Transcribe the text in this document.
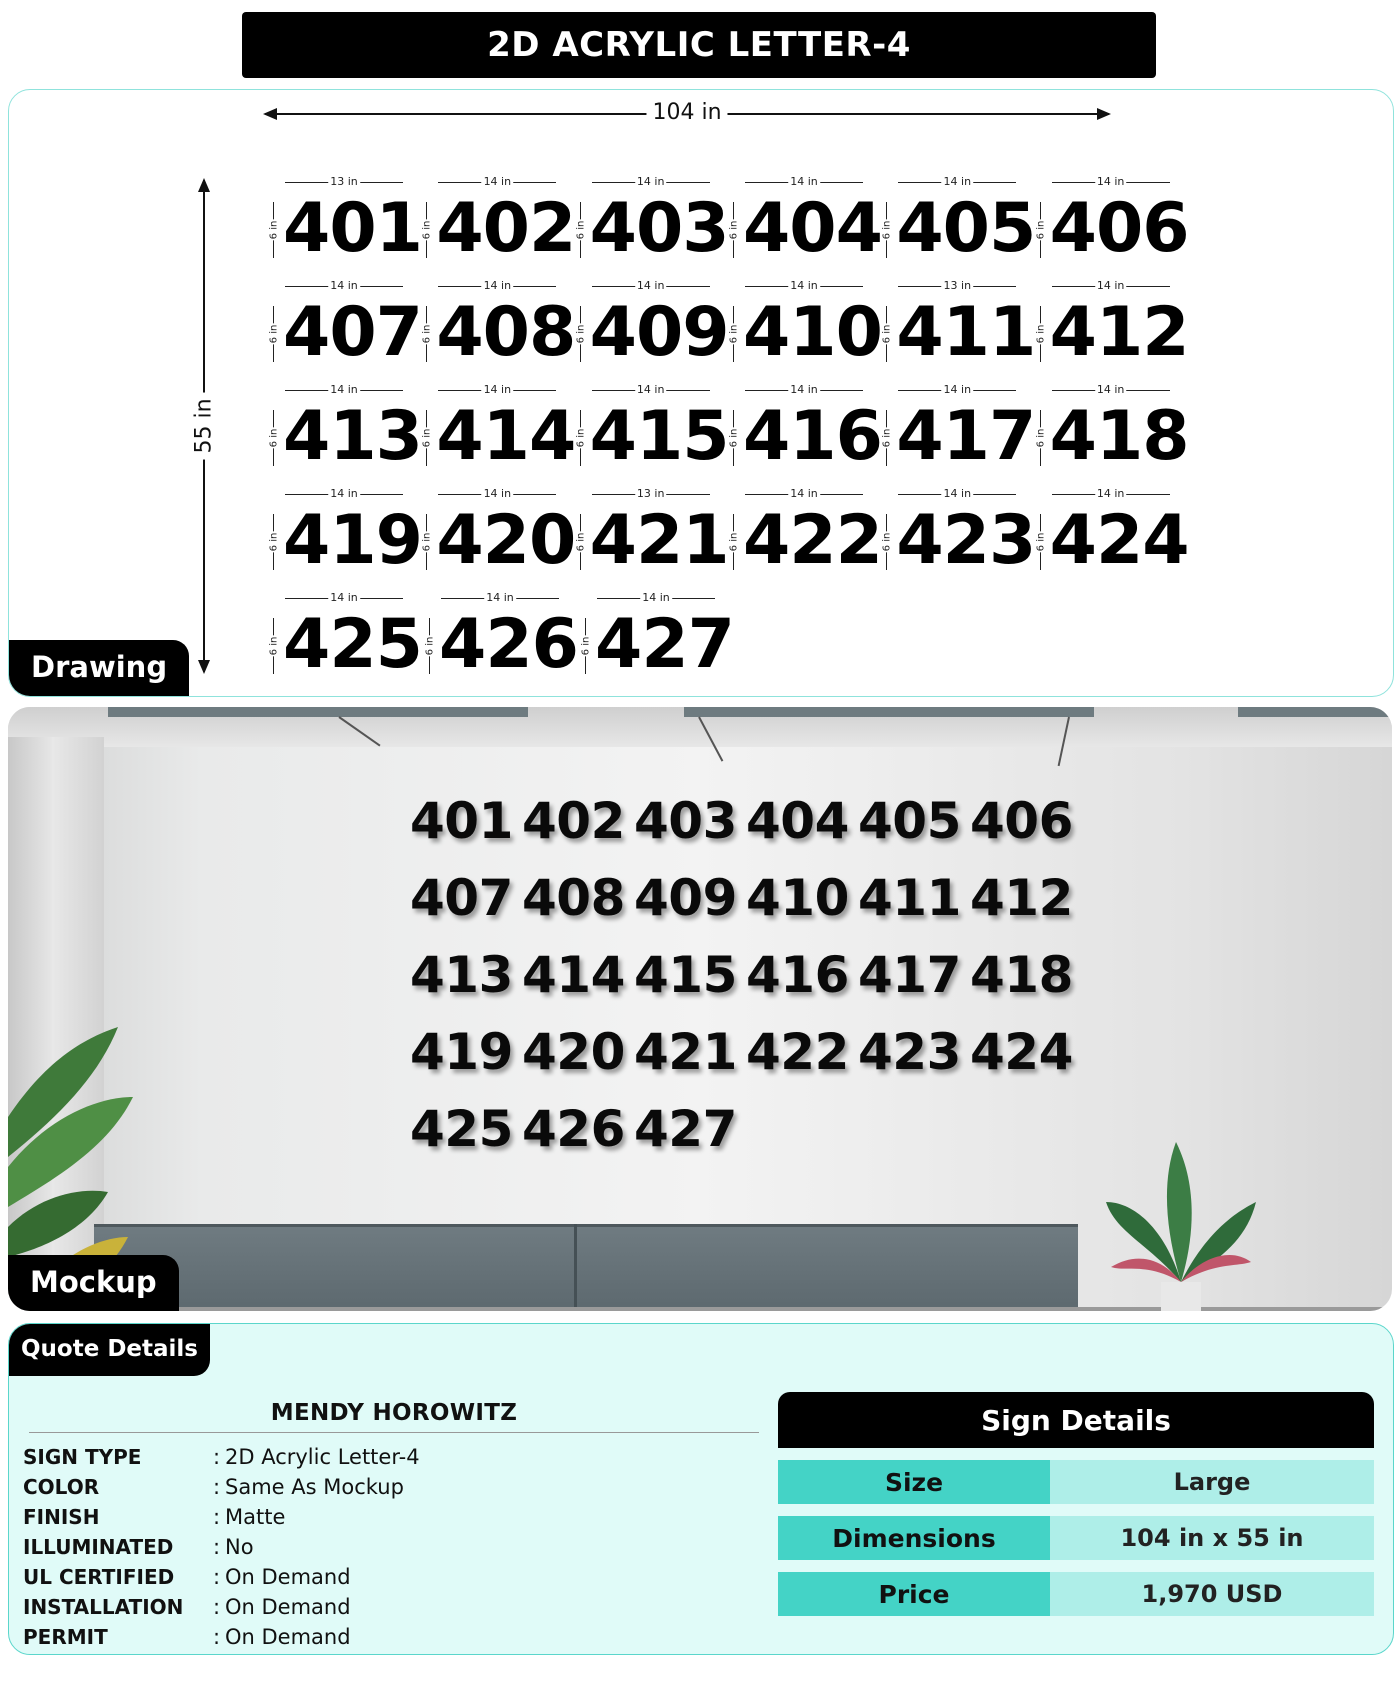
2D ACRYLIC LETTER-4
104 in
55 in
13 in
6 in 401
14 in
6 in 402
14 in
6 in 403
14 in
6 in 404
14 in
6 in 405
14 in
6 in 406
14 in
6 in 407
14 in
6 in 408
14 in
6 in 409
14 in
6 in 410
13 in
6 in 411
14 in
6 in 412
14 in
6 in 413
14 in
6 in 414
14 in
6 in 415
14 in
6 in 416
14 in
6 in 417
14 in
6 in 418
14 in
6 in 419
14 in
6 in 420
13 in
6 in 421
14 in
6 in 422
14 in
6 in 423
14 in
6 in 424
14 in
6 in 425
14 in
6 in 426
14 in
6 in 427
Drawing
401 402 403 404 405 406
407 408 409 410 411 412
413 414 415 416 417 418
419 420 421 422 423 424
425 426 427
Mockup
Quote Details
MENDY HOROWITZ
SIGN TYPE	: 2D Acrylic Letter-4
COLOR	: Same As Mockup
FINISH	: Matte
ILLUMINATED	: No
UL CERTIFIED	: On Demand
INSTALLATION	: On Demand
PERMIT	: On Demand
Sign Details
Size	Large
Dimensions	104 in x 55 in
Price	1,970 USD
